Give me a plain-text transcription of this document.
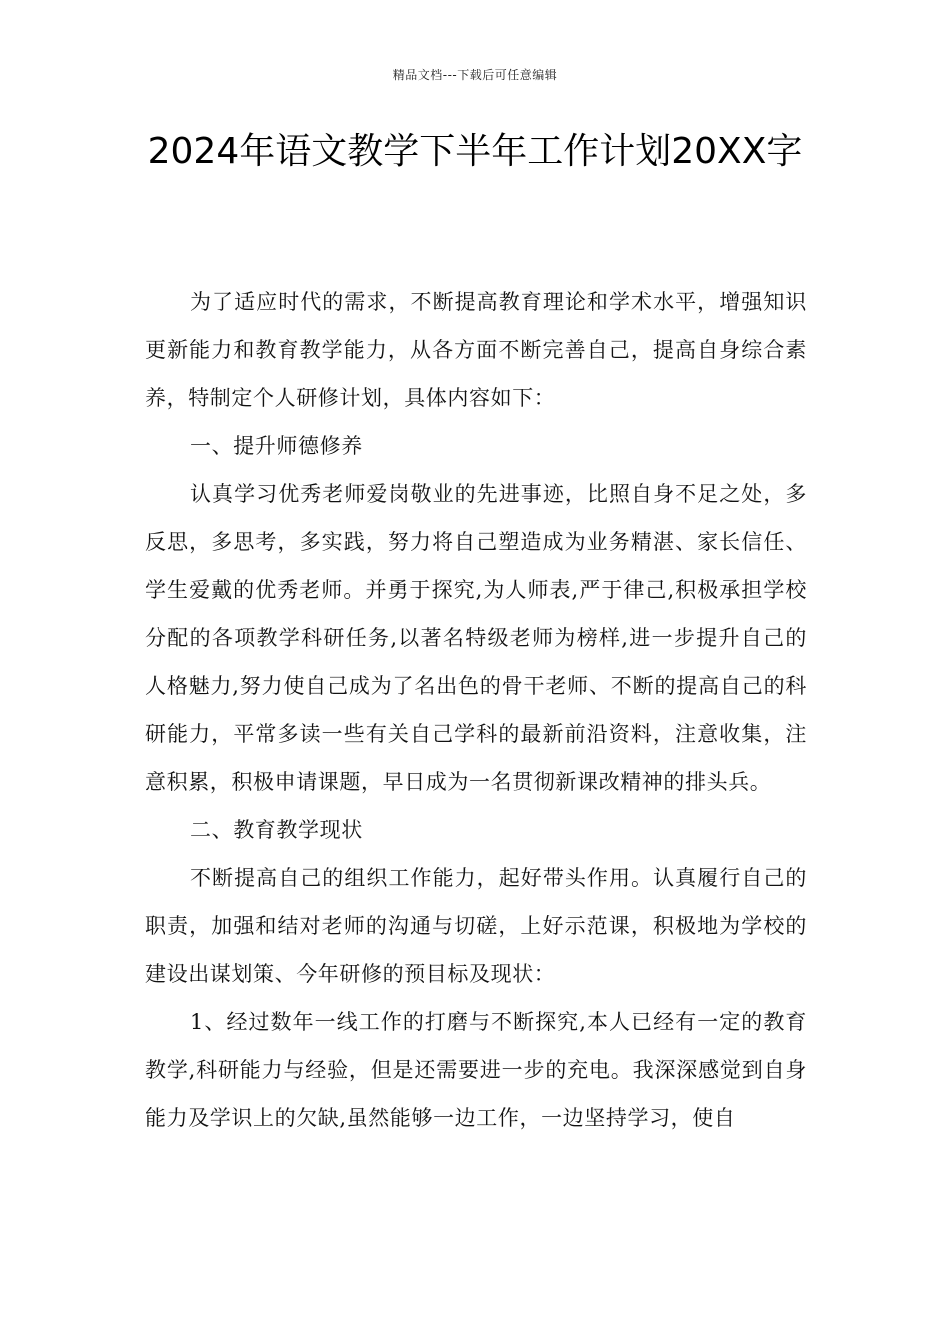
精品文档---下载后可任意编辑
2024年语文教学下半年工作计划20XX字

为了适应时代的需求，不断提高教育理论和学术水平，增强知识更新能力和教育教学能力，从各方面不断完善自己，提高自身综合素养，特制定个人研修计划，具体内容如下：

一、提升师德修养

认真学习优秀老师爱岗敬业的先进事迹，比照自身不足之处，多反思，多思考，多实践，努力将自己塑造成为业务精湛、家长信任、学生爱戴的优秀老师。并勇于探究,为人师表,严于律己,积极承担学校分配的各项教学科研任务,以著名特级老师为榜样,进一步提升自己的人格魅力,努力使自己成为了名出色的骨干老师、不断的提高自己的科研能力，平常多读一些有关自己学科的最新前沿资料，注意收集，注意积累，积极申请课题，早日成为一名贯彻新课改精神的排头兵。

二、教育教学现状

不断提高自己的组织工作能力，起好带头作用。认真履行自己的职责，加强和结对老师的沟通与切磋，上好示范课，积极地为学校的建设出谋划策、今年研修的预目标及现状：

1、经过数年一线工作的打磨与不断探究,本人已经有一定的教育教学,科研能力与经验，但是还需要进一步的充电。我深深感觉到自身能力及学识上的欠缺,虽然能够一边工作，一边坚持学习，使自
